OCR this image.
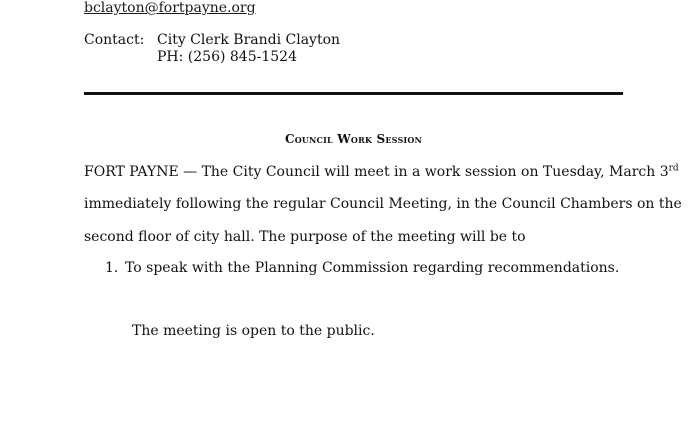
bclayton@fortpayne.org
Contact: City Clerk Brandi Clayton
PH: (256) 845-1524
Council Work Session
FORT PAYNE — The City Council will meet in a work session on Tuesday, March 3rd
immediately following the regular Council Meeting, in the Council Chambers on the
second floor of city hall. The purpose of the meeting will be to
1. To speak with the Planning Commission regarding recommendations.
The meeting is open to the public.
